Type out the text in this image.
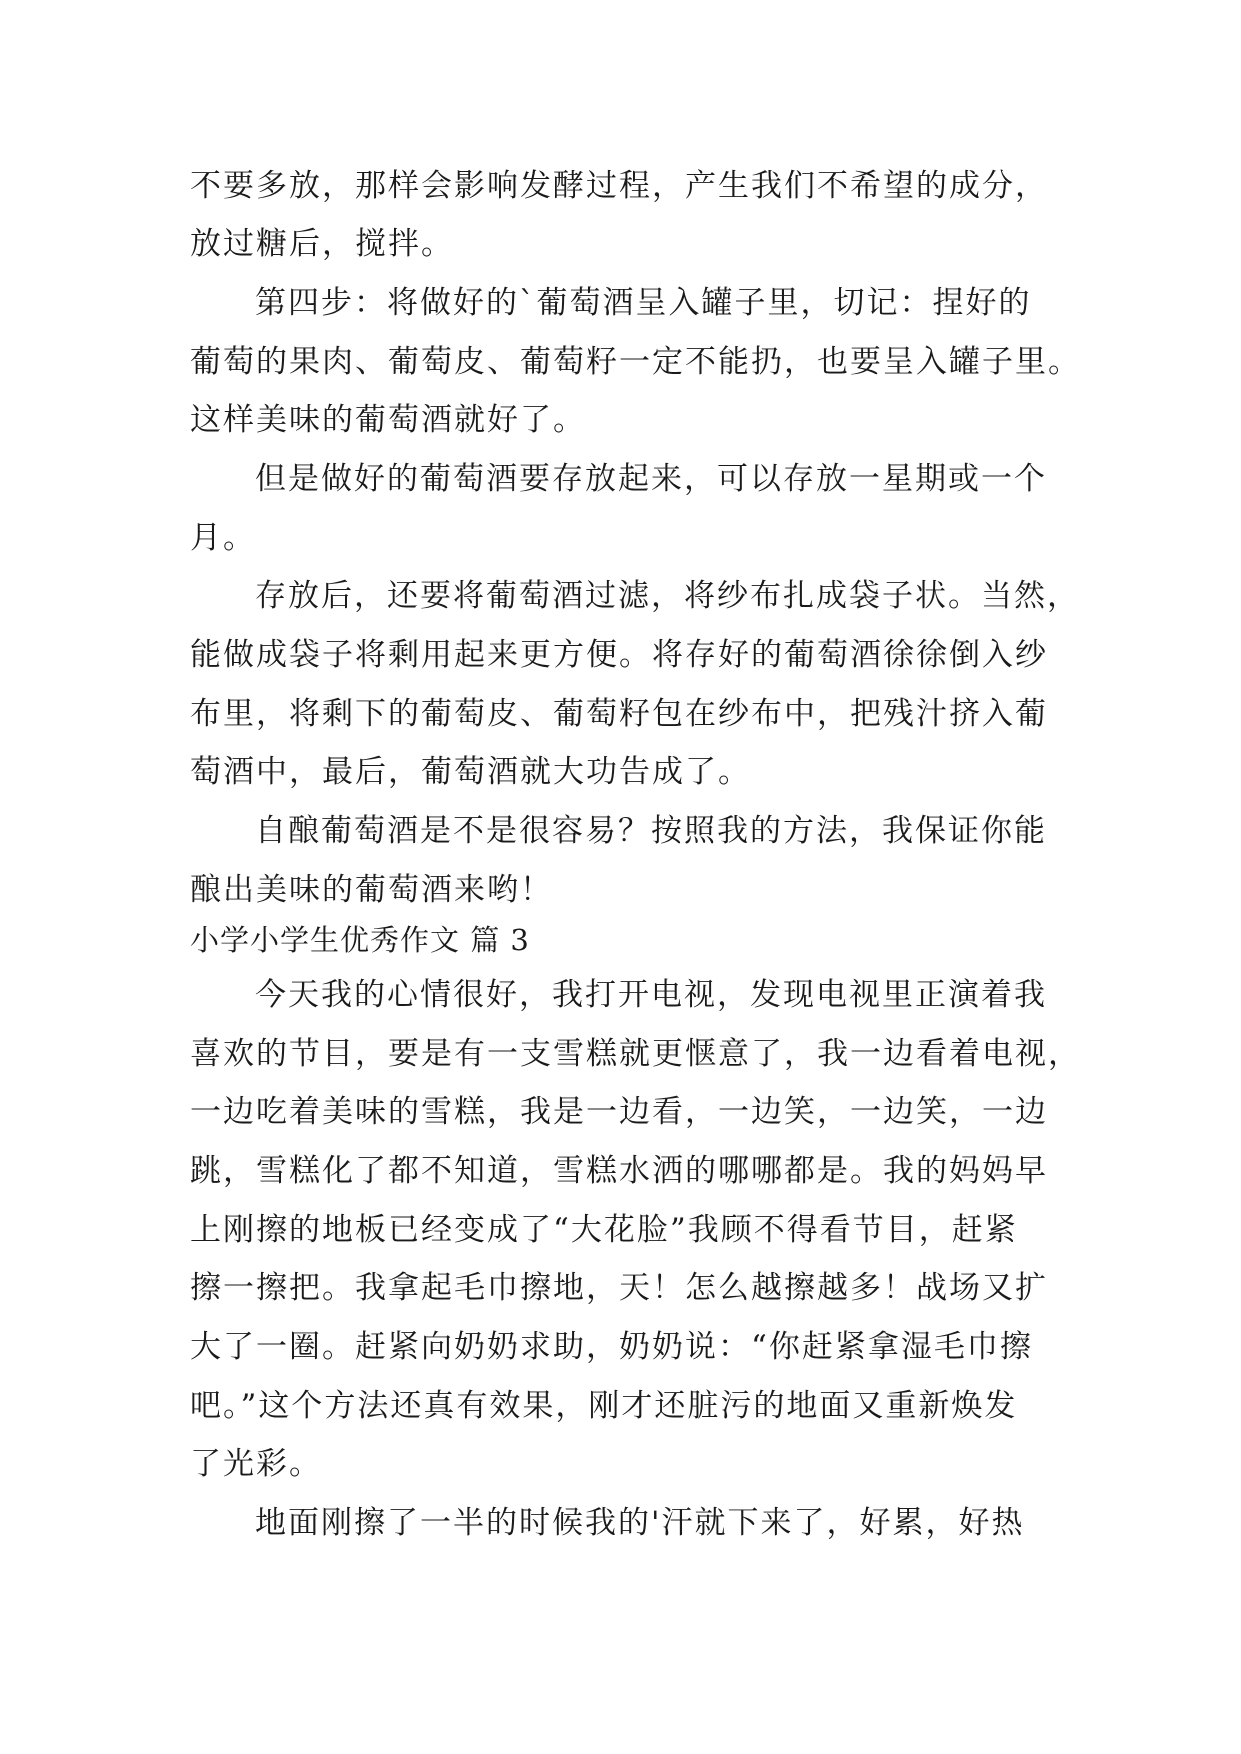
不要多放，那样会影响发酵过程，产生我们不希望的成分，

放过糖后，搅拌。

第四步：将做好的`葡萄酒呈入罐子里，切记：捏好的

葡萄的果肉、葡萄皮、葡萄籽一定不能扔，也要呈入罐子里。

这样美味的葡萄酒就好了。

但是做好的葡萄酒要存放起来，可以存放一星期或一个

月。

存放后，还要将葡萄酒过滤，将纱布扎成袋子状。当然，

能做成袋子将剩用起来更方便。将存好的葡萄酒徐徐倒入纱

布里，将剩下的葡萄皮、葡萄籽包在纱布中，把残汁挤入葡

萄酒中，最后，葡萄酒就大功告成了。

自酿葡萄酒是不是很容易？按照我的方法，我保证你能

酿出美味的葡萄酒来哟！

小学小学生优秀作文 篇 3

今天我的心情很好，我打开电视，发现电视里正演着我

喜欢的节目，要是有一支雪糕就更惬意了，我一边看着电视，

一边吃着美味的雪糕，我是一边看，一边笑，一边笑，一边

跳，雪糕化了都不知道，雪糕水洒的哪哪都是。我的妈妈早

上刚擦的地板已经变成了“大花脸”我顾不得看节目，赶紧

擦一擦把。我拿起毛巾擦地，天！怎么越擦越多！战场又扩

大了一圈。赶紧向奶奶求助，奶奶说：“你赶紧拿湿毛巾擦

吧。”这个方法还真有效果，刚才还脏污的地面又重新焕发

了光彩。

地面刚擦了一半的时候我的'汗就下来了，好累，好热
